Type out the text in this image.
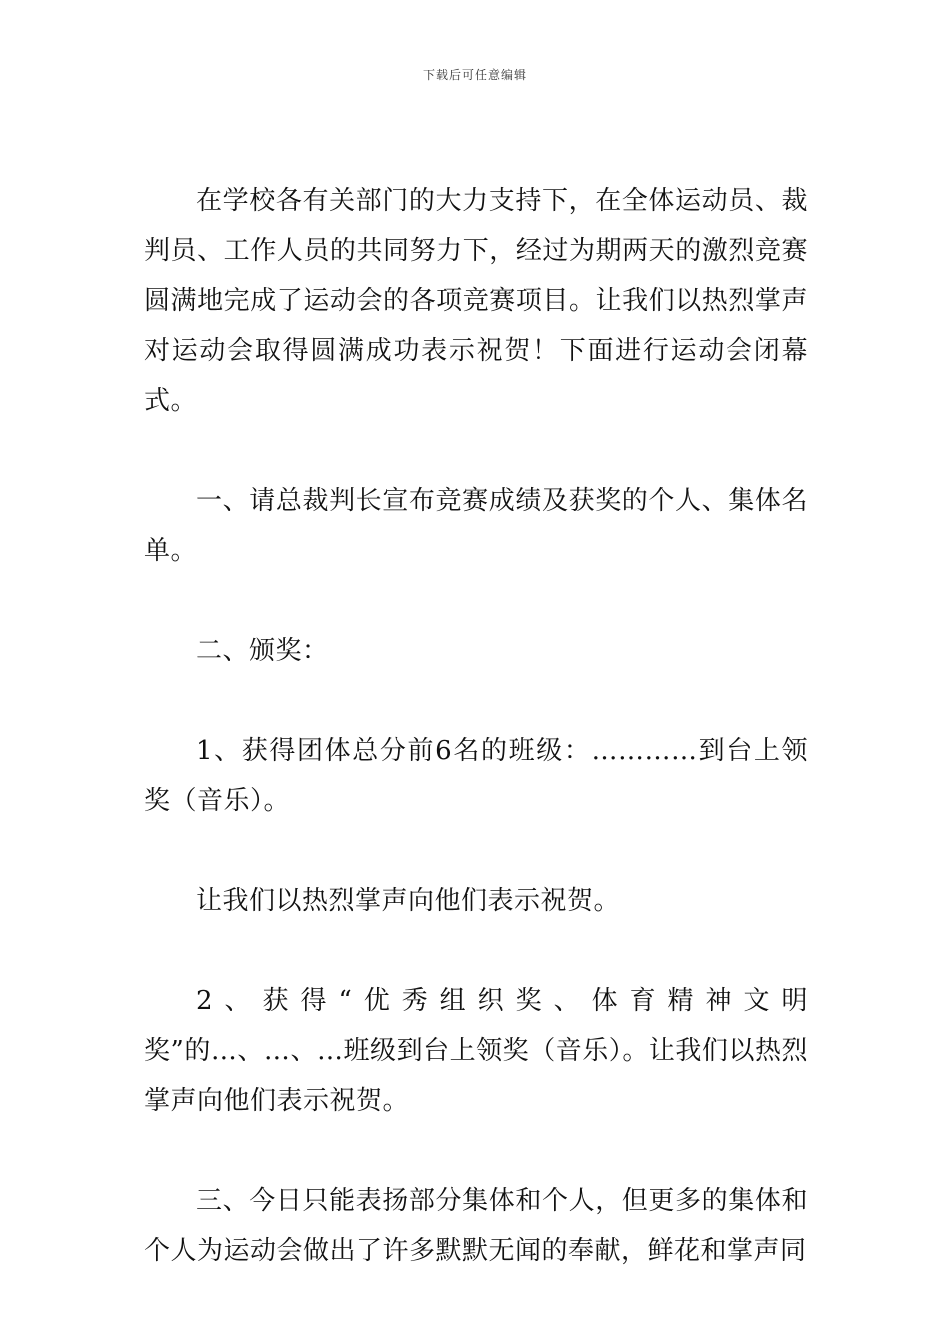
下载后可任意编辑

在学校各有关部门的大力支持下，在全体运动员、裁判员、工作人员的共同努力下，经过为期两天的激烈竞赛圆满地完成了运动会的各项竞赛项目。让我们以热烈掌声对运动会取得圆满成功表示祝贺！下面进行运动会闭幕式。

一、请总裁判长宣布竞赛成绩及获奖的个人、集体名单。

二、颁奖：

1、获得团体总分前6名的班级：…………到台上领奖（音乐）。

让我们以热烈掌声向他们表示祝贺。

2、获得“优秀组织奖、体育精神文明奖”的…、…、…班级到台上领奖（音乐）。让我们以热烈掌声向他们表示祝贺。

三、今日只能表扬部分集体和个人，但更多的集体和个人为运动会做出了许多默默无闻的奉献，鲜花和掌声同
